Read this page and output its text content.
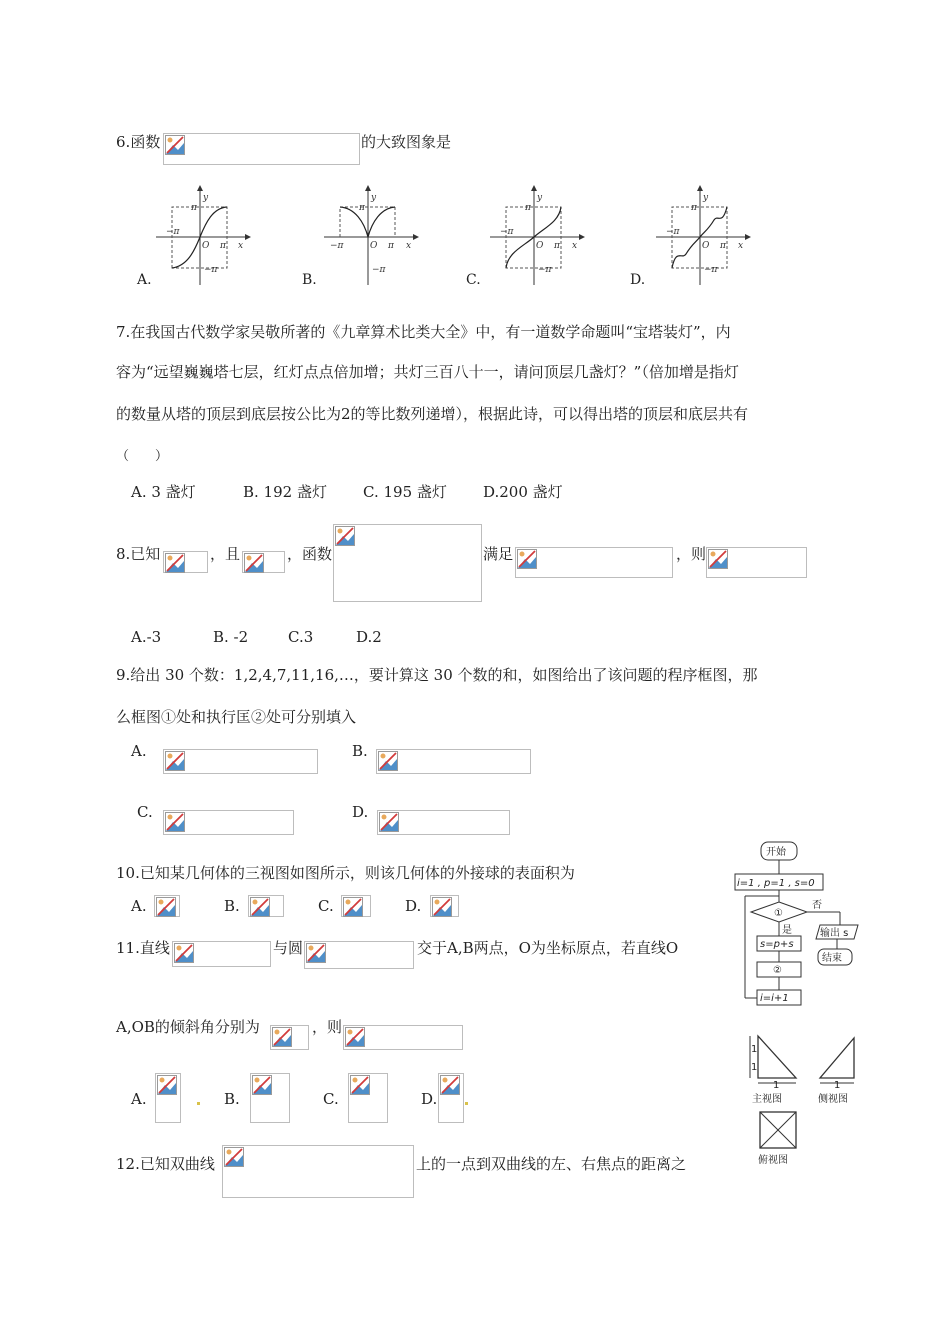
6.函数	的大致图象是
y
π
−π
O π x
−π
A.
y
π
−π	O π x
−π
B.
y
π
−π
O π x
−π
C.
y
π
−π
O π x
−π
D.
7.在我国古代数学家吴敬所著的《九章算术比类大全》中，有一道数学命题叫“宝塔装灯”，内
容为“远望巍巍塔七层，红灯点点倍加增；共灯三百八十一，请问顶层几盏灯？”（倍加增是指灯
的数量从塔的顶层到底层按公比为2的等比数列递增），根据此诗，可以得出塔的顶层和底层共有
（　　）
A. 3 盏灯	B. 192 盏灯 C. 195 盏灯 D.200 盏灯
8.已知	，且	，函数	满足	，则
A.-3	B. -2	C.3	D.2
9.给出 30 个数：1,2,4,7,11,16,…，要计算这 30 个数的和，如图给出了该问题的程序框图，那
么框图①处和执行匡②处可分别填入
A.	B.
C.	D.
10.已知某几何体的三视图如图所示，则该几何体的外接球的表面积为
A.	B.	C.	D.
11.直线	与圆	交于A,B两点，O为坐标原点，若直线O
A,OB的倾斜角分别为	，则
A.	B.	C.	D.
12.已知双曲线	上的一点到双曲线的左、右焦点的距离之
开始
i=1 , p=1 , s=0
①
否
输出 s
结束
是
s=p+s
②
i=i+1
1
1
1
主视图
1
侧视图
俯视图
